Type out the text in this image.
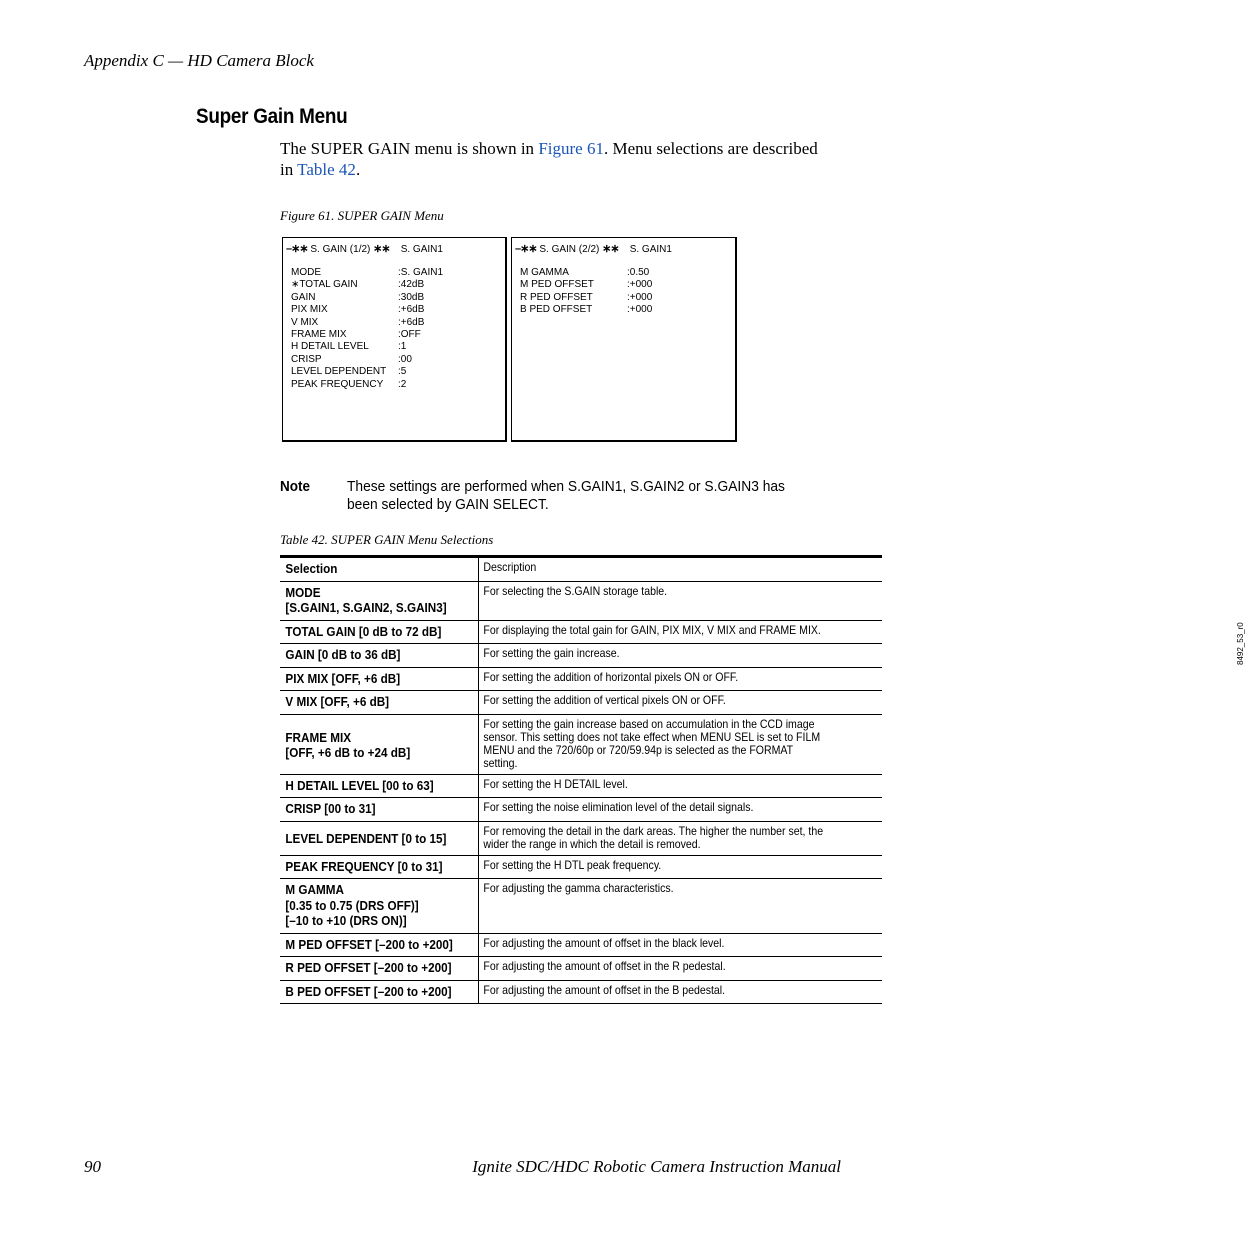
Appendix C — HD Camera Block
Super Gain Menu
The SUPER GAIN menu is shown in Figure 61. Menu selections are described in Table 42.
Figure 61. SUPER GAIN Menu
–∗∗ S. GAIN (1/2) ∗∗ S. GAIN1
MODE	:S. GAIN1
∗TOTAL GAIN	:42dB
GAIN	:30dB
PIX MIX	:+6dB
V MIX	:+6dB
FRAME MIX	:OFF
H DETAIL LEVEL	:1
CRISP	:00
LEVEL DEPENDENT :5
PEAK FREQUENCY :2
–∗∗ S. GAIN (2/2) ∗∗ S. GAIN1
M GAMMA	:0.50
M PED OFFSET	:+000
R PED OFFSET	:+000
B PED OFFSET	:+000
8492_53_r0
Note These settings are performed when S.GAIN1, S.GAIN2 or S.GAIN3 has been selected by GAIN SELECT.
Table 42. SUPER GAIN Menu Selections
Selection	Description

MODE
[S.GAIN1, S.GAIN2, S.GAIN3]	For selecting the S.GAIN storage table.

TOTAL GAIN [0 dB to 72 dB]	For displaying the total gain for GAIN, PIX MIX, V MIX and FRAME MIX.

GAIN [0 dB to 36 dB]	For setting the gain increase.

PIX MIX [OFF, +6 dB]	For setting the addition of horizontal pixels ON or OFF.

V MIX [OFF, +6 dB]	For setting the addition of vertical pixels ON or OFF.

FRAME MIX
[OFF, +6 dB to +24 dB]	For setting the gain increase based on accumulation in the CCD image sensor. This setting does not take effect when MENU SEL is set to FILM MENU and the 720/60p or 720/59.94p is selected as the FORMAT setting.

H DETAIL LEVEL [00 to 63]	For setting the H DETAIL level.

CRISP [00 to 31]	For setting the noise elimination level of the detail signals.

LEVEL DEPENDENT [0 to 15]	For removing the detail in the dark areas. The higher the number set, the wider the range in which the detail is removed.

PEAK FREQUENCY [0 to 31]	For setting the H DTL peak frequency.

M GAMMA
[0.35 to 0.75 (DRS OFF)]
[–10 to +10 (DRS ON)]	For adjusting the gamma characteristics.

M PED OFFSET [–200 to +200]	For adjusting the amount of offset in the black level.

R PED OFFSET [–200 to +200]	For adjusting the amount of offset in the R pedestal.

B PED OFFSET [–200 to +200]	For adjusting the amount of offset in the B pedestal.
90	Ignite SDC/HDC Robotic Camera Instruction Manual
